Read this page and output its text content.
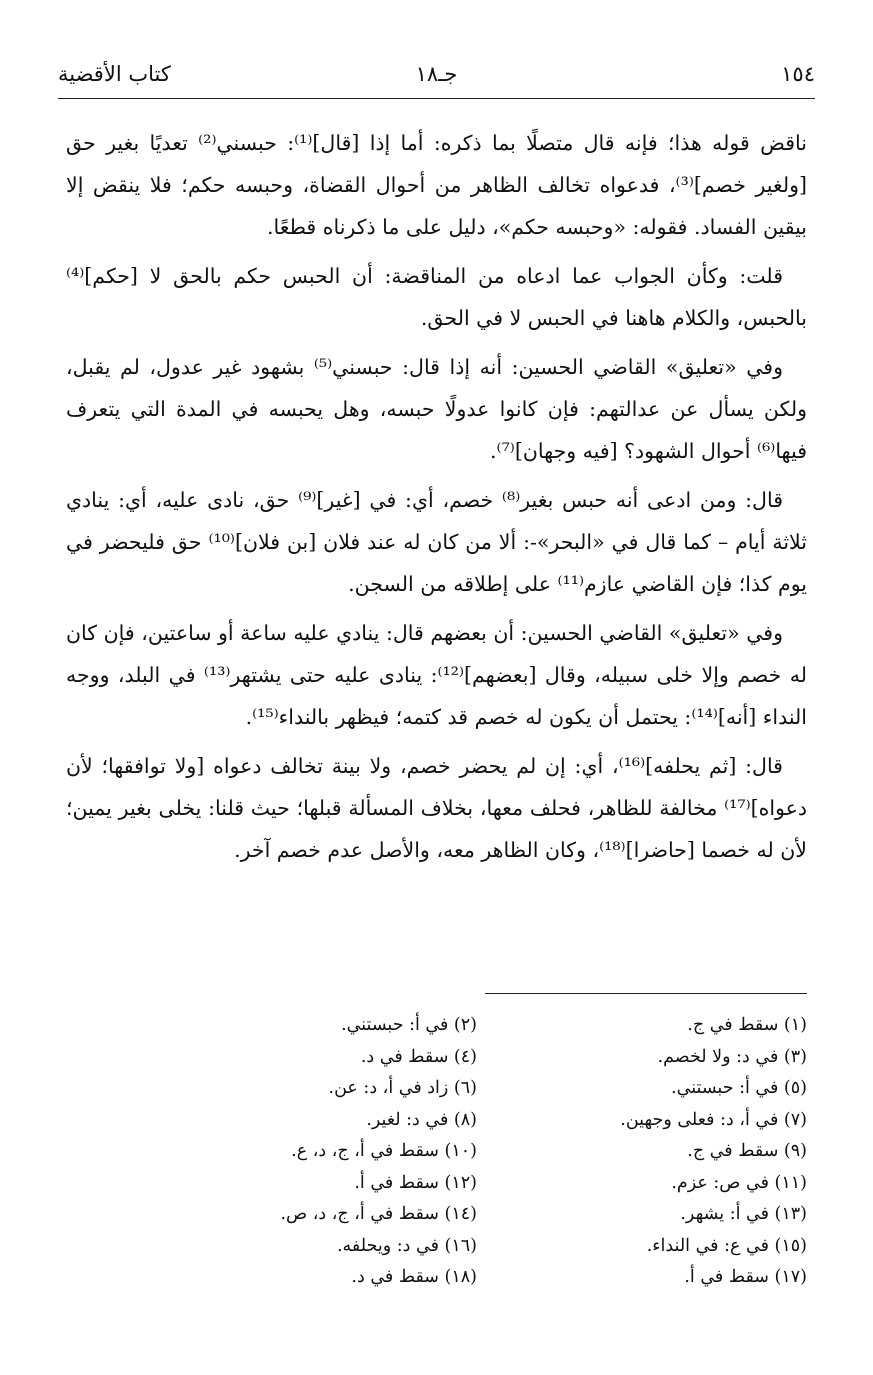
١٥٤
جـ١٨
كتاب الأقضية

ناقض قوله هذا؛ فإنه قال متصلًا بما ذكره: أما إذا [قال]⁽¹⁾: حبسني⁽²⁾ تعديًا بغير حق [ولغير خصم]⁽³⁾، فدعواه تخالف الظاهر من أحوال القضاة، وحبسه حكم؛ فلا ينقض إلا بيقين الفساد. فقوله: «وحبسه حكم»، دليل على ما ذكرناه قطعًا.

قلت: وكأن الجواب عما ادعاه من المناقضة: أن الحبس حكم بالحق لا [حكم]⁽⁴⁾ بالحبس، والكلام هاهنا في الحبس لا في الحق.

وفي «تعليق» القاضي الحسين: أنه إذا قال: حبسني⁽⁵⁾ بشهود غير عدول، لم يقبل، ولكن يسأل عن عدالتهم: فإن كانوا عدولًا حبسه، وهل يحبسه في المدة التي يتعرف فيها⁽⁶⁾ أحوال الشهود؟ [فيه وجهان]⁽⁷⁾.

قال: ومن ادعى أنه حبس بغير⁽⁸⁾ خصم، أي: في [غير]⁽⁹⁾ حق، نادى عليه، أي: ينادي ثلاثة أيام – كما قال في «البحر»-: ألا من كان له عند فلان [بن فلان]⁽¹⁰⁾ حق فليحضر في يوم كذا؛ فإن القاضي عازم⁽¹¹⁾ على إطلاقه من السجن.

وفي «تعليق» القاضي الحسين: أن بعضهم قال: ينادي عليه ساعة أو ساعتين، فإن كان له خصم وإلا خلى سبيله، وقال [بعضهم]⁽¹²⁾: ينادى عليه حتى يشتهر⁽¹³⁾ في البلد، ووجه النداء [أنه]⁽¹⁴⁾: يحتمل أن يكون له خصم قد كتمه؛ فيظهر بالنداء⁽¹⁵⁾.

قال: [ثم يحلفه]⁽¹⁶⁾، أي: إن لم يحضر خصم، ولا بينة تخالف دعواه [ولا توافقها؛ لأن دعواه]⁽¹⁷⁾ مخالفة للظاهر، فحلف معها، بخلاف المسألة قبلها؛ حيث قلنا: يخلى بغير يمين؛ لأن له خصما [حاضرا]⁽¹⁸⁾، وكان الظاهر معه، والأصل عدم خصم آخر.

(١) سقط في ج.
(٣) في د: ولا لخصم.
(٥) في أ: حبستني.
(٧) في أ، د: فعلى وجهين.
(٩) سقط في ج.
(١١) في ص: عزم.
(١٣) في أ: يشهر.
(١٥) في ع: في النداء.
(١٧) سقط في أ.
(٢) في أ: حبستني.
(٤) سقط في د.
(٦) زاد في أ، د: عن.
(٨) في د: لغير.
(١٠) سقط في أ، ج، د، ع.
(١٢) سقط في أ.
(١٤) سقط في أ، ج، د، ص.
(١٦) في د: ويحلفه.
(١٨) سقط في د.
